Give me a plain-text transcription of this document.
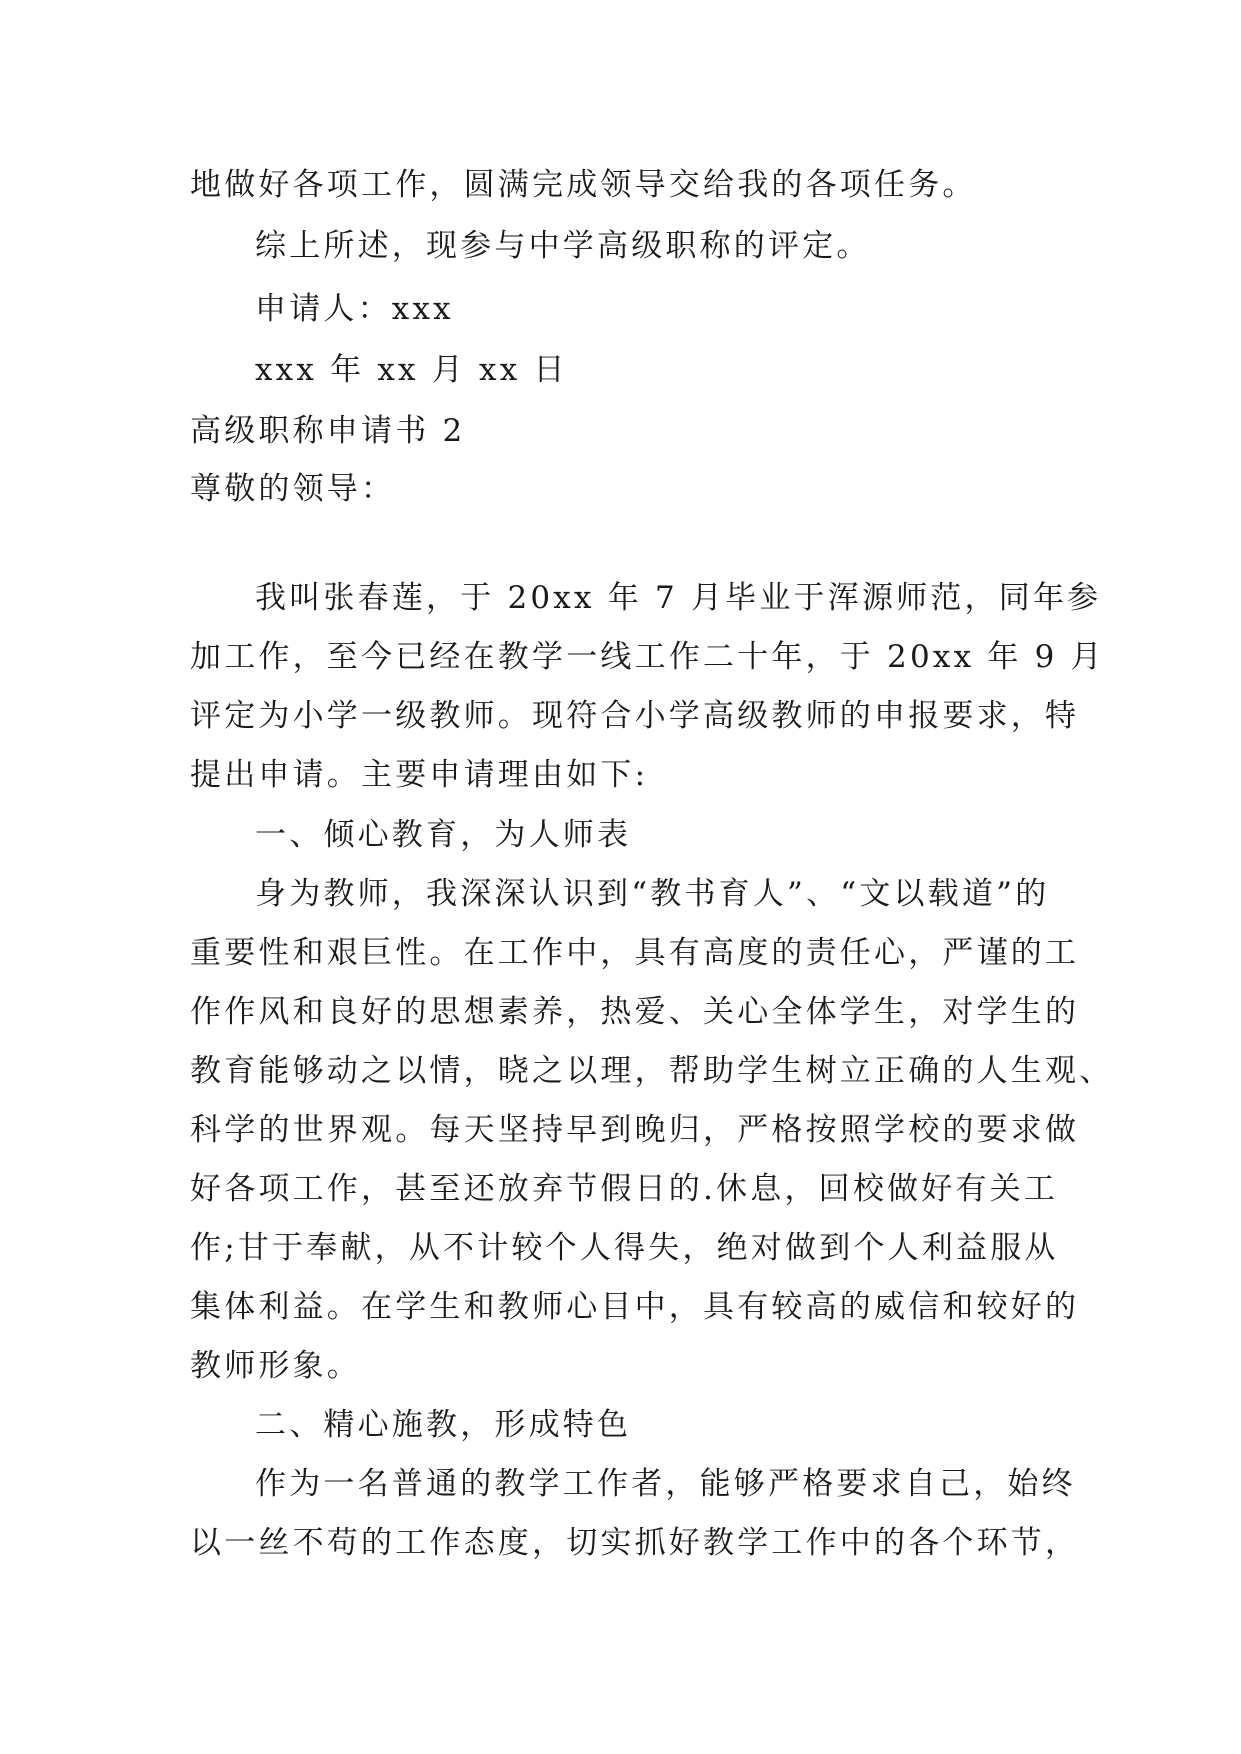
地做好各项工作，圆满完成领导交给我的各项任务。
综上所述，现参与中学高级职称的评定。
申请人：xxx
xxx 年 xx 月 xx 日
高级职称申请书 2
尊敬的领导：
我叫张春莲，于 20xx 年 7 月毕业于浑源师范，同年参
加工作，至今已经在教学一线工作二十年，于 20xx 年 9 月
评定为小学一级教师。现符合小学高级教师的申报要求，特
提出申请。主要申请理由如下:
一、倾心教育，为人师表
身为教师，我深深认识到“教书育人”、“文以载道”的
重要性和艰巨性。在工作中，具有高度的责任心，严谨的工
作作风和良好的思想素养，热爱、关心全体学生，对学生的
教育能够动之以情，晓之以理，帮助学生树立正确的人生观、
科学的世界观。每天坚持早到晚归，严格按照学校的要求做
好各项工作，甚至还放弃节假日的.休息，回校做好有关工
作;甘于奉献，从不计较个人得失，绝对做到个人利益服从
集体利益。在学生和教师心目中，具有较高的威信和较好的
教师形象。
二、精心施教，形成特色
作为一名普通的教学工作者，能够严格要求自己，始终
以一丝不苟的工作态度，切实抓好教学工作中的各个环节，
